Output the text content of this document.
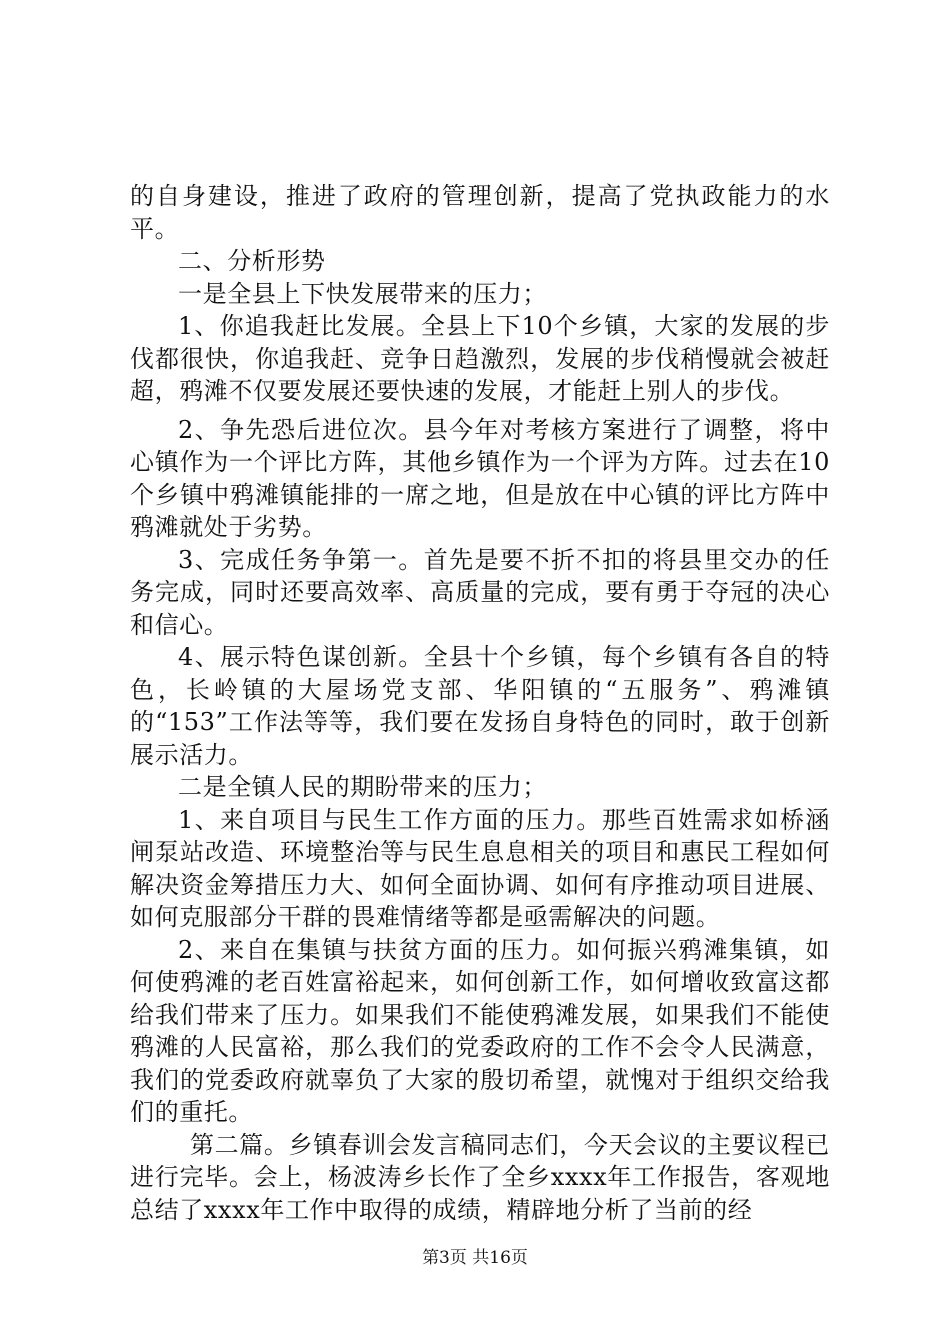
的自身建设，推进了政府的管理创新，提高了党执政能力的水平。

二、分析形势

一是全县上下快发展带来的压力；

1、你追我赶比发展。全县上下10个乡镇，大家的发展的步伐都很快，你追我赶、竞争日趋激烈，发展的步伐稍慢就会被赶超，鸦滩不仅要发展还要快速的发展，才能赶上别人的步伐。

2、争先恐后进位次。县今年对考核方案进行了调整，将中心镇作为一个评比方阵，其他乡镇作为一个评为方阵。过去在10个乡镇中鸦滩镇能排的一席之地，但是放在中心镇的评比方阵中鸦滩就处于劣势。

3、完成任务争第一。首先是要不折不扣的将县里交办的任务完成，同时还要高效率、高质量的完成，要有勇于夺冠的决心和信心。

4、展示特色谋创新。全县十个乡镇，每个乡镇有各自的特色，长岭镇的大屋场党支部、华阳镇的“五服务”、鸦滩镇的“153”工作法等等，我们要在发扬自身特色的同时，敢于创新展示活力。

二是全镇人民的期盼带来的压力；

1、来自项目与民生工作方面的压力。那些百姓需求如桥涵闸泵站改造、环境整治等与民生息息相关的项目和惠民工程如何解决资金筹措压力大、如何全面协调、如何有序推动项目进展、如何克服部分干群的畏难情绪等都是亟需解决的问题。

2、来自在集镇与扶贫方面的压力。如何振兴鸦滩集镇，如何使鸦滩的老百姓富裕起来，如何创新工作，如何增收致富这都给我们带来了压力。如果我们不能使鸦滩发展，如果我们不能使鸦滩的人民富裕，那么我们的党委政府的工作不会令人民满意，我们的党委政府就辜负了大家的殷切希望，就愧对于组织交给我们的重托。

第二篇。乡镇春训会发言稿同志们，今天会议的主要议程已进行完毕。会上，杨波涛乡长作了全乡xxxx年工作报告，客观地总结了xxxx年工作中取得的成绩，精辟地分析了当前的经

第3页 共16页
